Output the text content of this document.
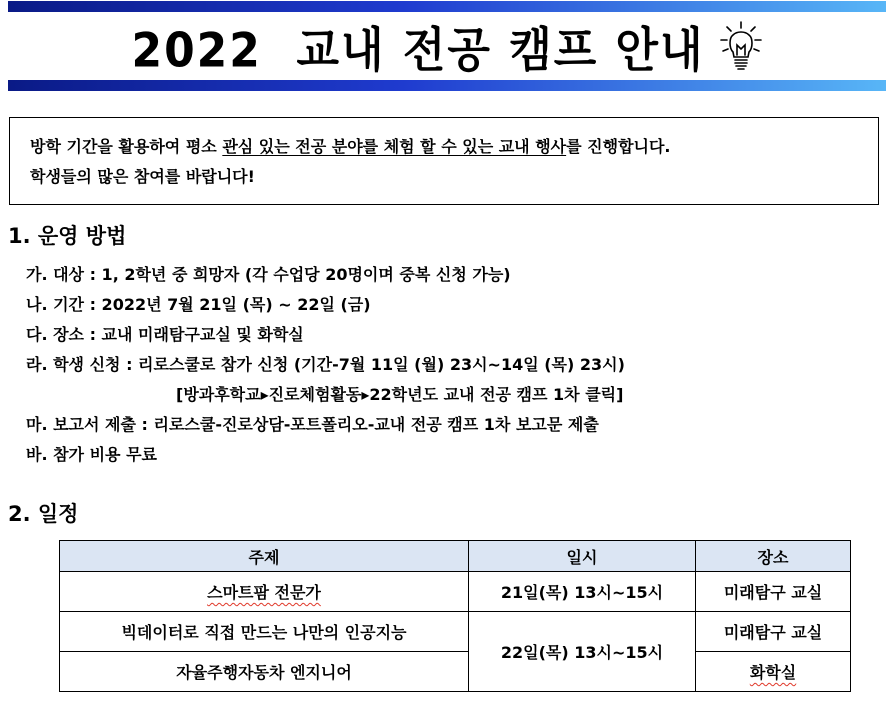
2022  교내 전공 캠프 안내
방학 기간을 활용하여 평소 관심 있는 전공 분야를 체험 할 수 있는 교내 행사를 진행합니다.
학생들의 많은 참여를 바랍니다!
1. 운영 방법
가. 대상 : 1, 2학년 중 희망자 (각 수업당 20명이며 중복 신청 가능)
나. 기간 : 2022년 7월 21일 (목) ~ 22일 (금)
다. 장소 : 교내 미래탐구교실 및 화학실
라. 학생 신청 : 리로스쿨로 참가 신청 (기간-7월 11일 (월) 23시~14일 (목) 23시)
[방과후학교▸진로체험활동▸22학년도 교내 전공 캠프 1차 클릭]
마. 보고서 제출 : 리로스쿨-진로상담-포트폴리오-교내 전공 캠프 1차 보고문 제출
바. 참가 비용 무료
2. 일정
주제	일시	장소
스마트팜 전문가	21일(목) 13시~15시	미래탐구 교실
빅데이터로 직접 만드는 나만의 인공지능	22일(목) 13시~15시	미래탐구 교실
자율주행자동차 엔지니어		화학실
